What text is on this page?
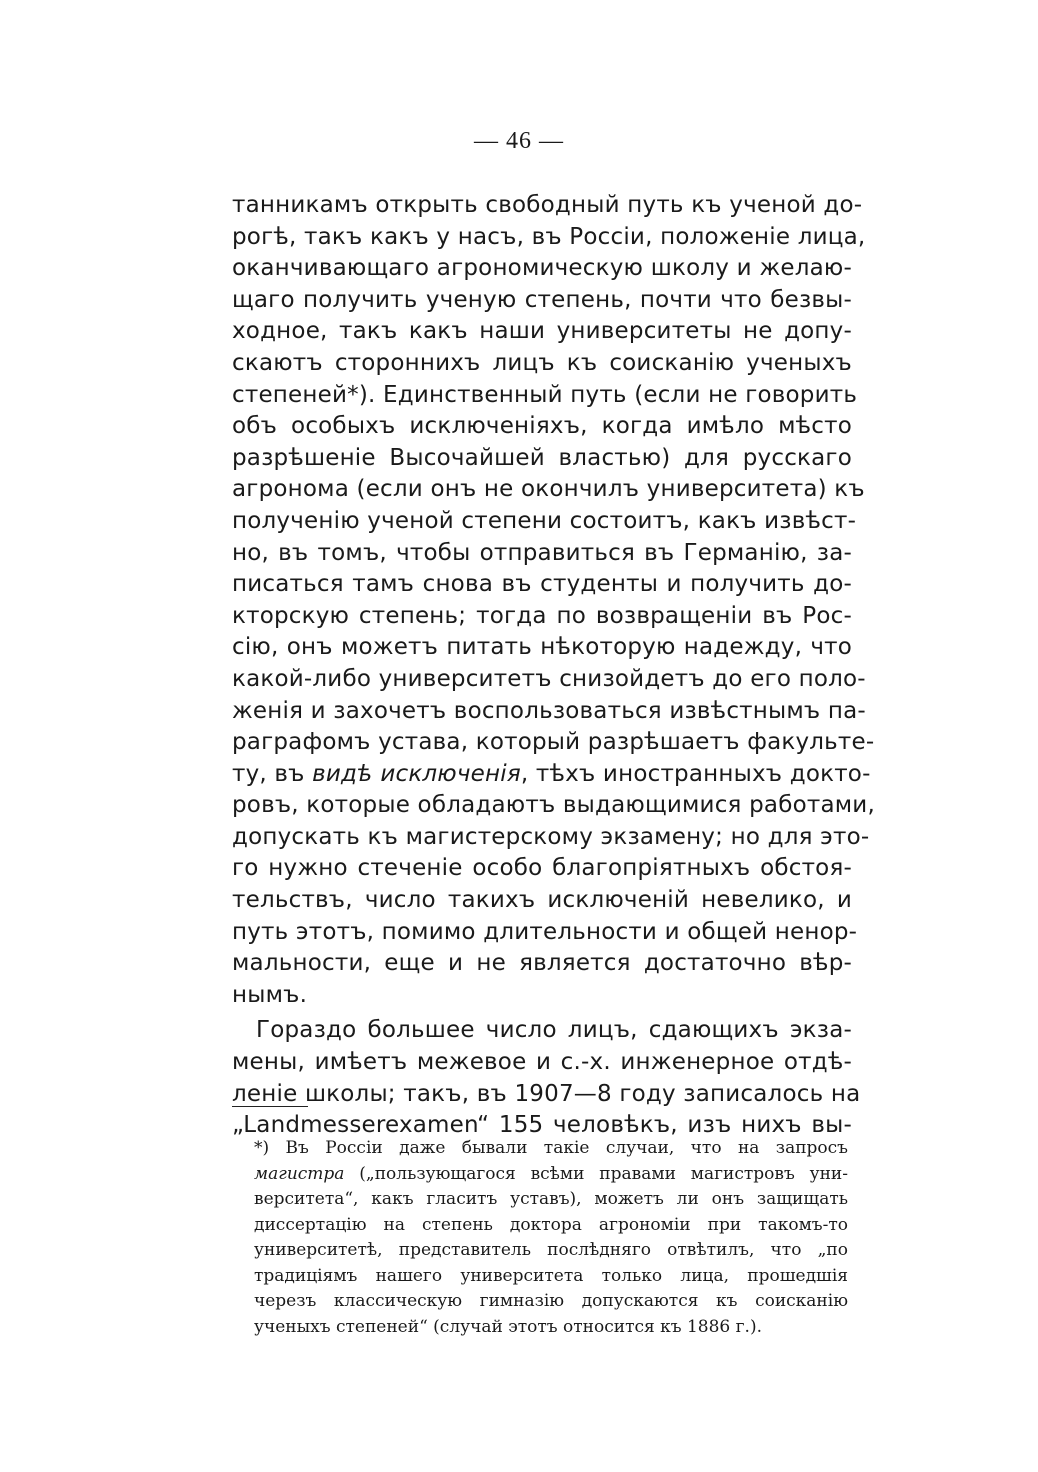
— 46 —
танникамъ открыть свободный путь къ ученой до-
рогѣ, такъ какъ у насъ, въ Россіи, положеніе лица,
оканчивающаго агрономическую школу и желаю-
щаго получить ученую степень, почти что безвы-
ходное, такъ какъ наши университеты не допу-
скаютъ стороннихъ лицъ къ соисканію ученыхъ
степеней*). Единственный путь (если не говорить
объ особыхъ исключеніяхъ, когда имѣло мѣсто
разрѣшеніе Высочайшей властью) для русскаго
агронома (если онъ не окончилъ университета) къ
полученію ученой степени состоитъ, какъ извѣст-
но, въ томъ, чтобы отправиться въ Германію, за-
писаться тамъ снова въ студенты и получить до-
кторскую степень; тогда по возвращеніи въ Рос-
сію, онъ можетъ питать нѣкоторую надежду, что
какой-либо университетъ снизойдетъ до его поло-
женія и захочетъ воспользоваться извѣстнымъ па-
раграфомъ устава, который разрѣшаетъ факульте-
ту, въ видѣ исключенія, тѣхъ иностранныхъ докто-
ровъ, которые обладаютъ выдающимися работами,
допускать къ магистерскому экзамену; но для это-
го нужно стеченіе особо благопріятныхъ обстоя-
тельствъ, число такихъ исключеній невелико, и
путь этотъ, помимо длительности и общей ненор-
мальности, еще и не является достаточно вѣр-
нымъ.
Гораздо большее число лицъ, сдающихъ экза-
мены, имѣетъ межевое и с.-х. инженерное отдѣ-
леніе школы; такъ, въ 1907—8 году записалось на
„Landmesserexamen“ 155 человѣкъ, изъ нихъ вы-
*) Въ Россіи даже бывали такіе случаи, что на запросъ
магистра („пользующагося всѣми правами магистровъ уни-
верситета“, какъ гласитъ уставъ), можетъ ли онъ защищать
диссертацію на степень доктора агрономіи при такомъ-то
университетѣ, представитель послѣдняго отвѣтилъ, что „по
традиціямъ нашего университета только лица, прошедшія
черезъ классическую гимназію допускаются къ соисканію
ученыхъ степеней“ (случай этотъ относится къ 1886 г.).
